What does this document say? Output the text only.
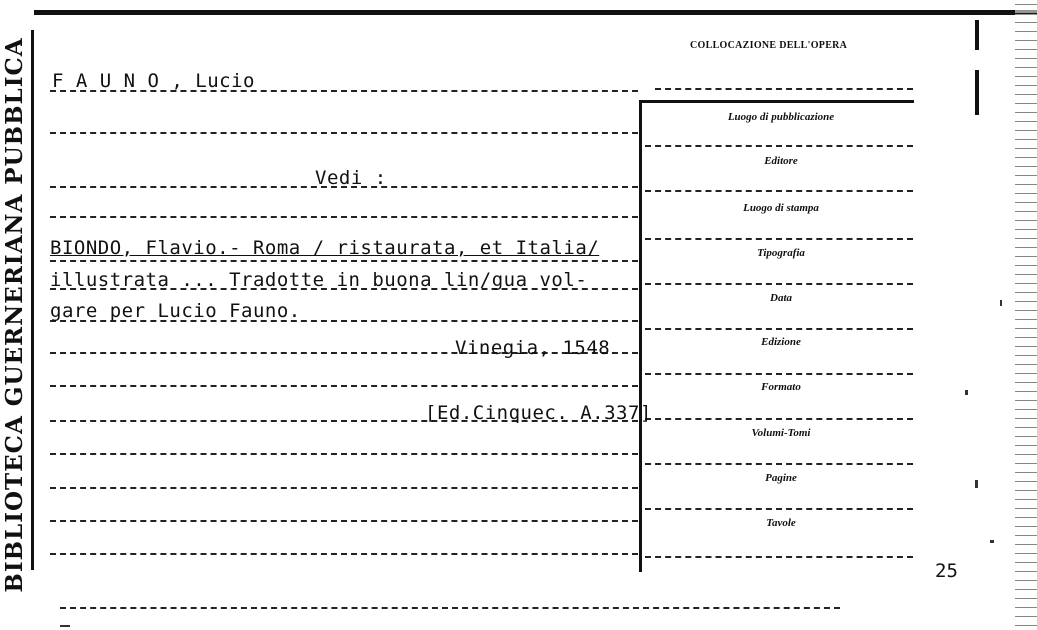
BIBLIOTECA GUERNERIANA PUBBLICA	COLLOCAZIONE DELL'OPERA
Luogo di pubblicazione
Editore
Luogo di stampa
Tipografia
Data
Edizione
Formato
Volumi-Tomi
Pagine
Tavole
F A U N O , Lucio
Vedi :
BIONDO, Flavio.- Roma / ristaurata, et Italia/
illustrata ... Tradotte in buona lin/gua vol-
gare per Lucio Fauno.
Vinegia, 1548
[Ed.Cinquec. A.337]
25
